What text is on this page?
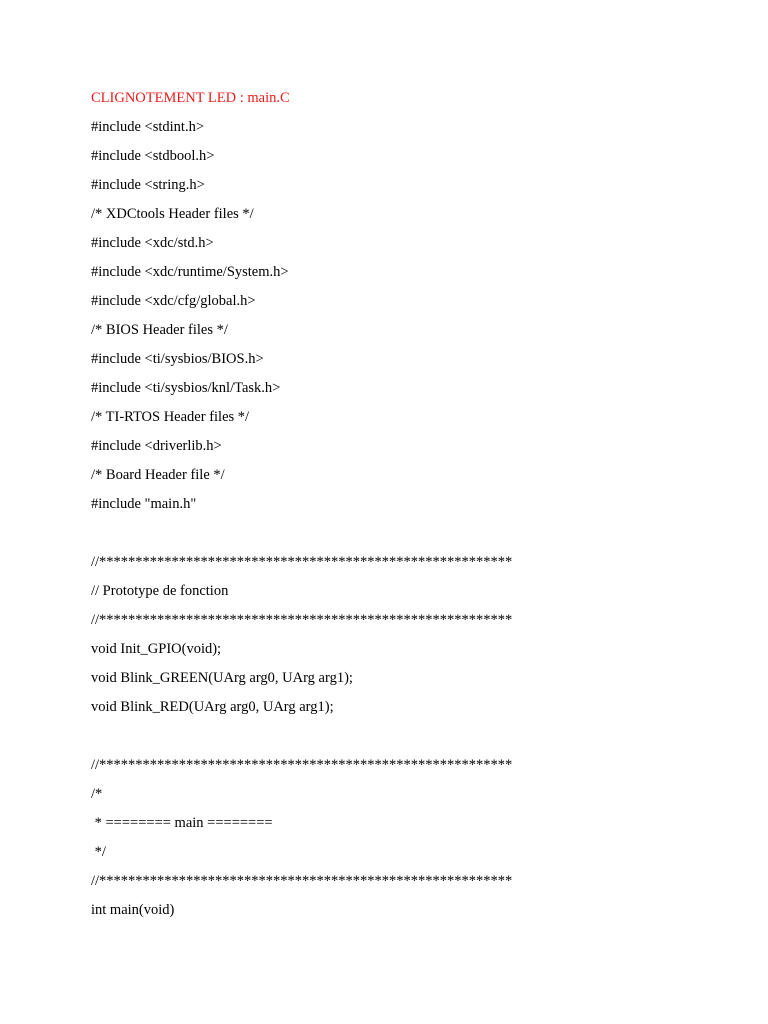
CLIGNOTEMENT LED : main.C
#include <stdint.h>
#include <stdbool.h>
#include <string.h>
/* XDCtools Header files */
#include <xdc/std.h>
#include <xdc/runtime/System.h>
#include <xdc/cfg/global.h>
/* BIOS Header files */
#include <ti/sysbios/BIOS.h>
#include <ti/sysbios/knl/Task.h>
/* TI-RTOS Header files */
#include <driverlib.h>
/* Board Header file */
#include "main.h"
//*********************************************************
// Prototype de fonction
//*********************************************************
void Init_GPIO(void);
void Blink_GREEN(UArg arg0, UArg arg1);
void Blink_RED(UArg arg0, UArg arg1);
//*********************************************************
/*
* ======== main ========
*/
//*********************************************************
int main(void)
